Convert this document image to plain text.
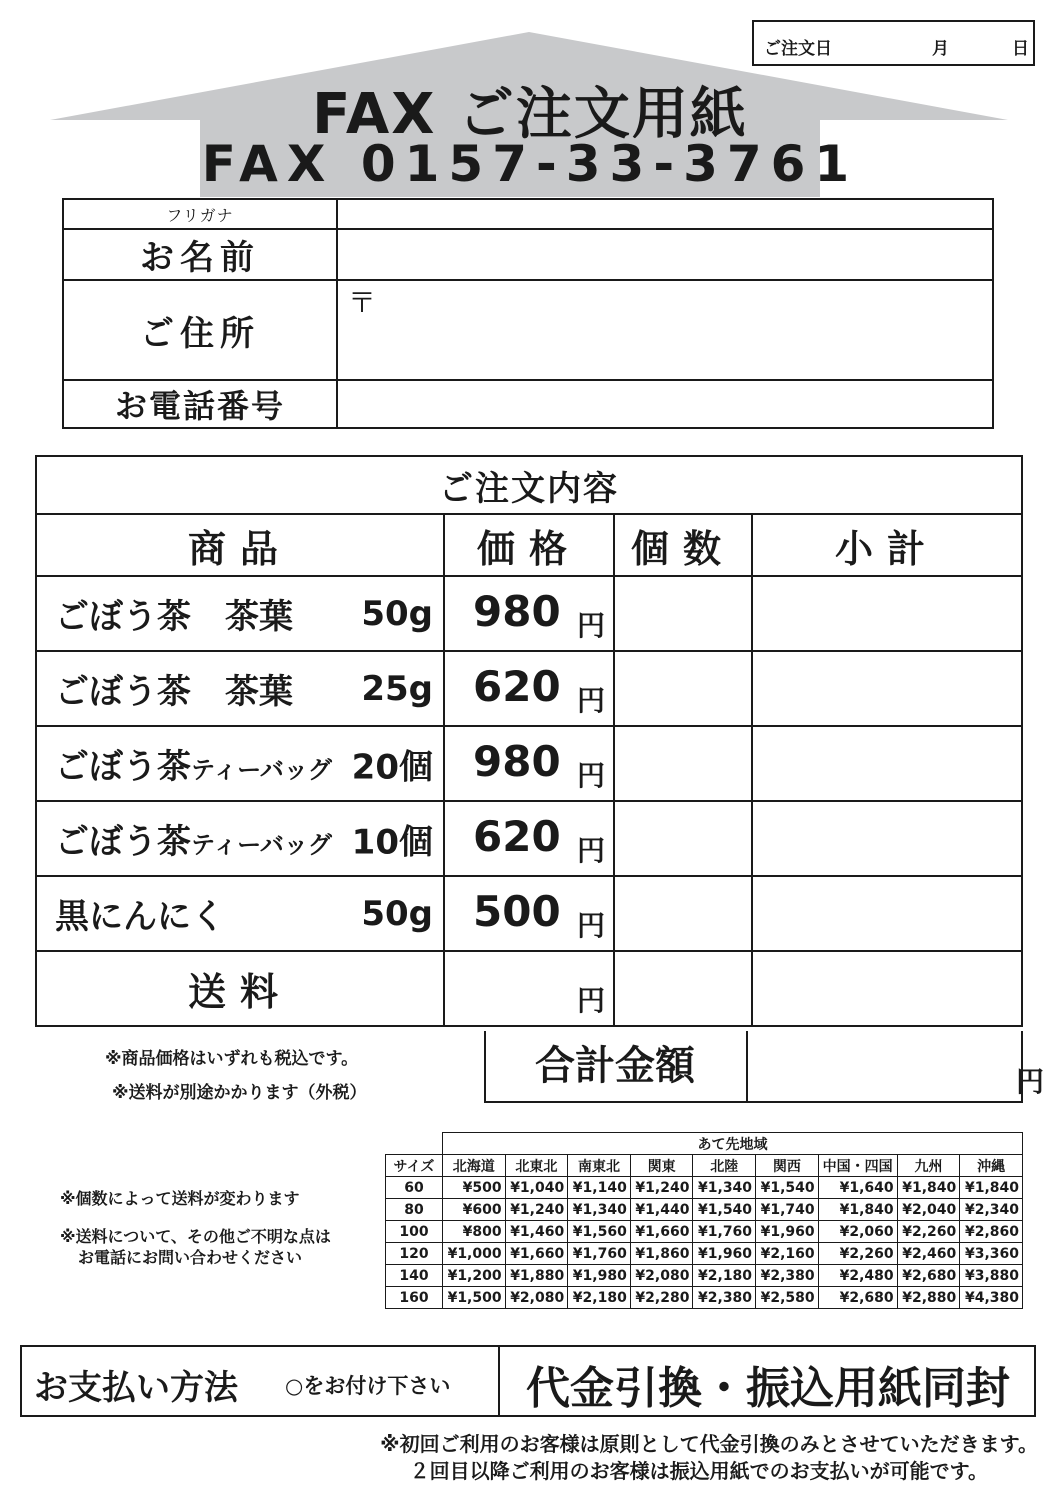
ご注文日	月	日
FAX ご注文用紙
FAX 0157-33-3761
フリガナ	
お名前	
ご住所	〒
お電話番号	
ご注文内容			
商品	価格	個数	小計
ごぼう茶　茶葉 50g	980 円		

ごぼう茶　茶葉 25g	620 円		

ごぼう茶ティーバッグ 20個	980 円		

ごぼう茶ティーバッグ 10個	620 円		

黒にんにく 50g	500 円		

送料	円		

合計金額	円
※商品価格はいずれも税込です。
※送料が別途かかります（外税）
※個数によって送料が変わります
※送料について、その他ご不明な点は
お電話にお問い合わせください
	あて先地域								
サイズ	北海道	北東北	南東北	関東	北陸	関西	中国・四国	九州	沖縄
60	¥500	¥1,040	¥1,140	¥1,240	¥1,340	¥1,540	¥1,640	¥1,840	¥1,840
80	¥600	¥1,240	¥1,340	¥1,440	¥1,540	¥1,740	¥1,840	¥2,040	¥2,340
100	¥800	¥1,460	¥1,560	¥1,660	¥1,760	¥1,960	¥2,060	¥2,260	¥2,860
120	¥1,000	¥1,660	¥1,760	¥1,860	¥1,960	¥2,160	¥2,260	¥2,460	¥3,360
140	¥1,200	¥1,880	¥1,980	¥2,080	¥2,180	¥2,380	¥2,480	¥2,680	¥3,880
160	¥1,500	¥2,080	¥2,180	¥2,280	¥2,380	¥2,580	¥2,680	¥2,880	¥4,380
お支払い方法 ○をお付け下さい	代金引換・振込用紙同封
※初回ご利用のお客様は原則として代金引換のみとさせていただきます。
２回目以降ご利用のお客様は振込用紙でのお支払いが可能です。
